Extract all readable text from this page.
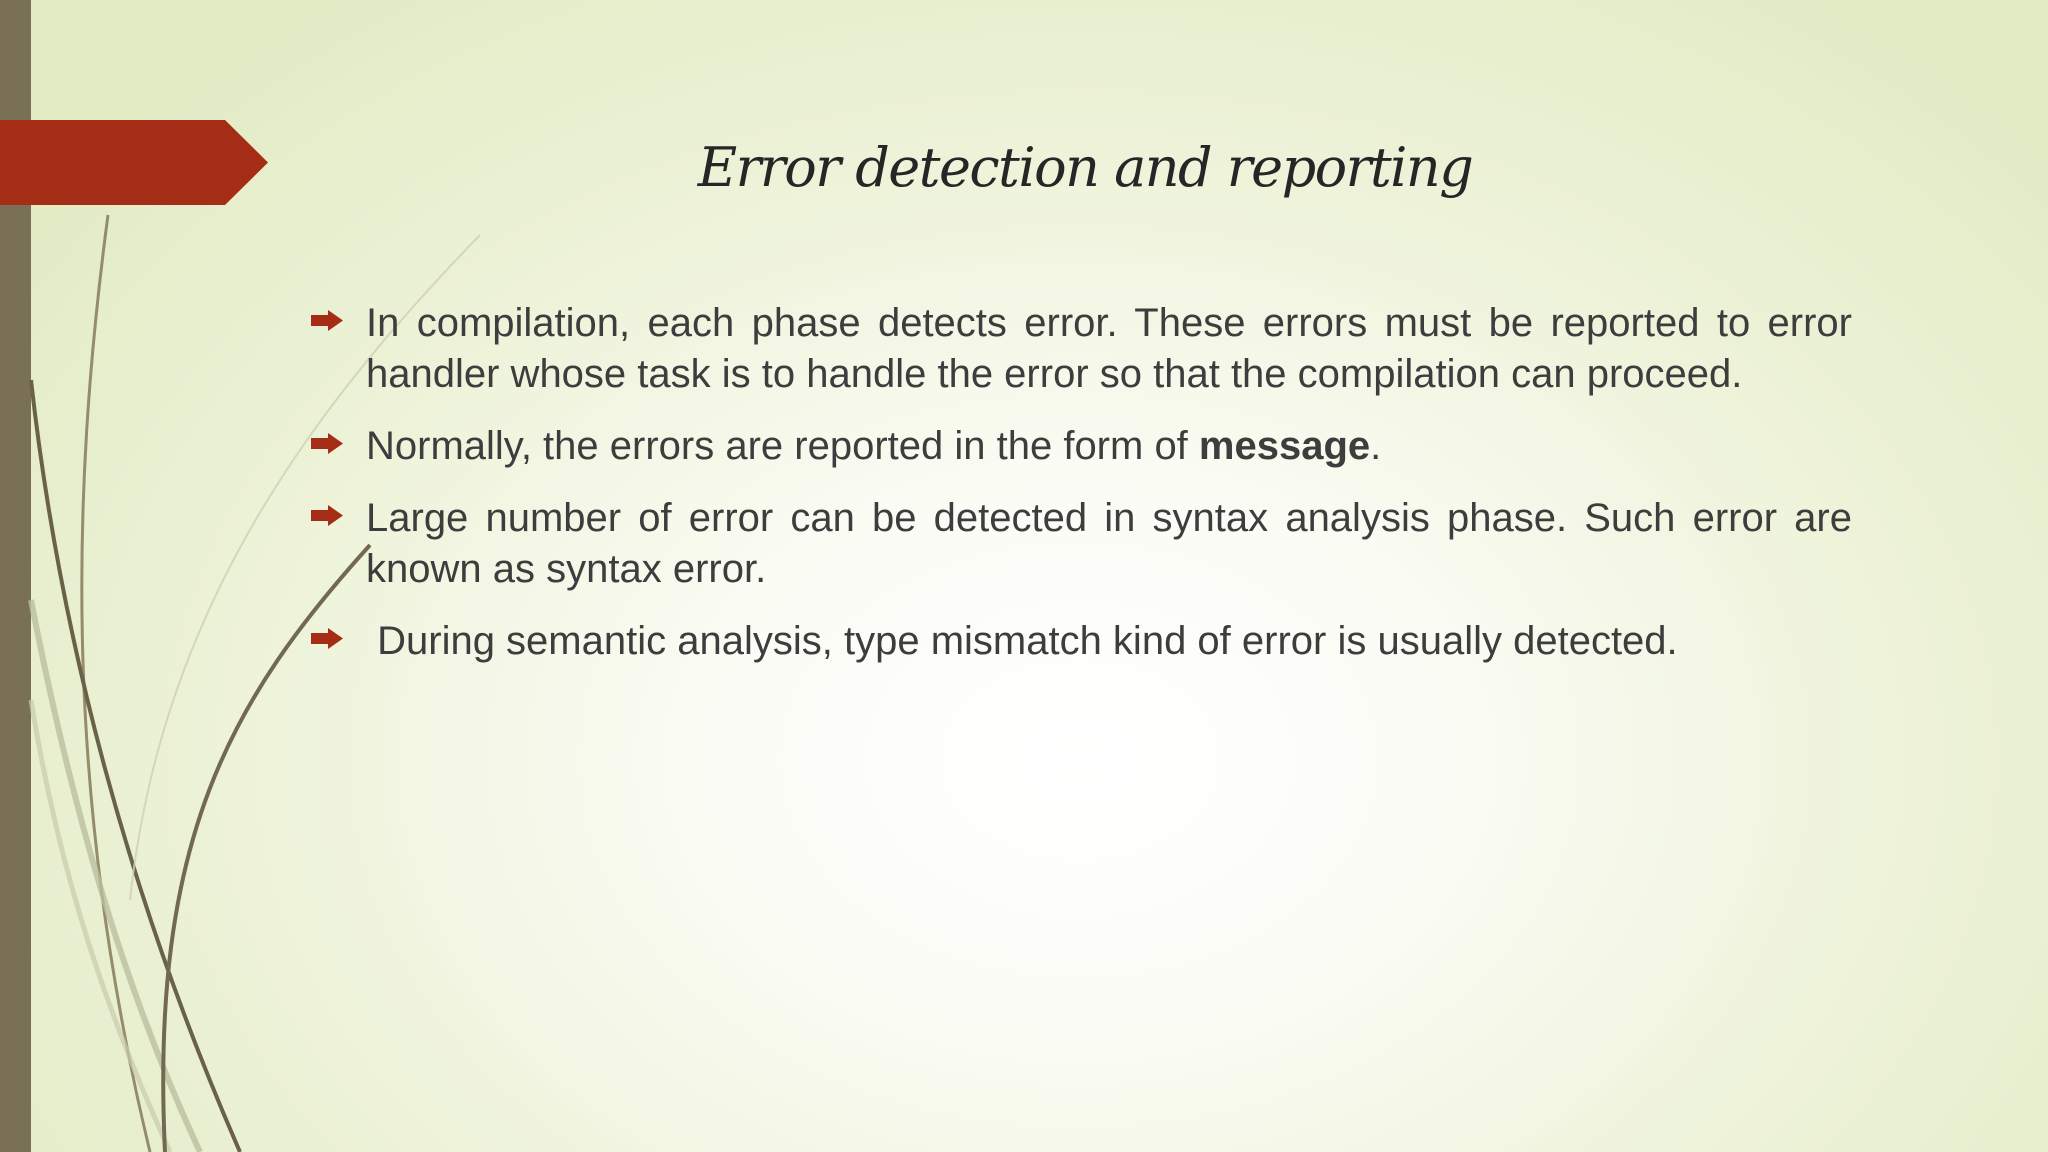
Error detection and reporting
In compilation, each phase detects error. These errors must be reported to error handler whose task is to handle the error so that the compilation can proceed.
Normally, the errors are reported in the form of message.
Large number of error can be detected in syntax analysis phase. Such error are known as syntax error.
During semantic analysis, type mismatch kind of error is usually detected.
